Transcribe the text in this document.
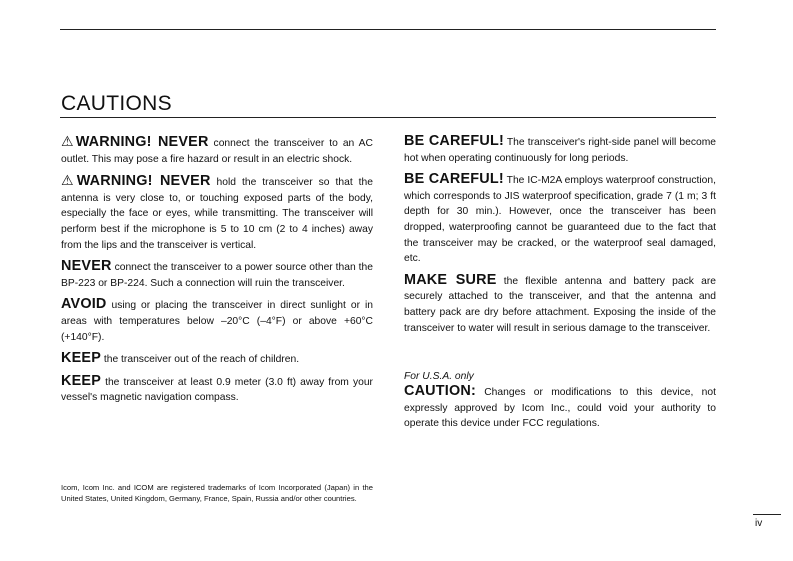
CAUTIONS

⚠WARNING! NEVER connect the transceiver to an AC outlet. This may pose a fire hazard or result in an electric shock.

⚠WARNING! NEVER hold the transceiver so that the antenna is very close to, or touching exposed parts of the body, especially the face or eyes, while transmitting. The transceiver will perform best if the microphone is 5 to 10 cm (2 to 4 inches) away from the lips and the transceiver is vertical.

NEVER connect the transceiver to a power source other than the BP-223 or BP-224. Such a connection will ruin the transceiver.

AVOID using or placing the transceiver in direct sunlight or in areas with temperatures below –20°C (–4°F) or above +60°C (+140°F).

KEEP the transceiver out of the reach of children.

KEEP the transceiver at least 0.9 meter (3.0 ft) away from your vessel's magnetic navigation compass.

BE CAREFUL! The transceiver's right-side panel will become hot when operating continuously for long periods.

BE CAREFUL! The IC-M2A employs waterproof construction, which corresponds to JIS waterproof specification, grade 7 (1 m; 3 ft depth for 30 min.). However, once the transceiver has been dropped, waterproofing cannot be guaranteed due to the fact that the transceiver may be cracked, or the waterproof seal damaged, etc.

MAKE SURE the flexible antenna and battery pack are securely attached to the transceiver, and that the antenna and battery pack are dry before attachment. Exposing the inside of the transceiver to water will result in serious damage to the transceiver.

For U.S.A. only

CAUTION: Changes or modifications to this device, not expressly approved by Icom Inc., could void your authority to operate this device under FCC regulations.

Icom, Icom Inc. and ICOM are registered trademarks of Icom Incorporated (Japan) in the United States, United Kingdom, Germany, France, Spain, Russia and/or other countries.

iv
